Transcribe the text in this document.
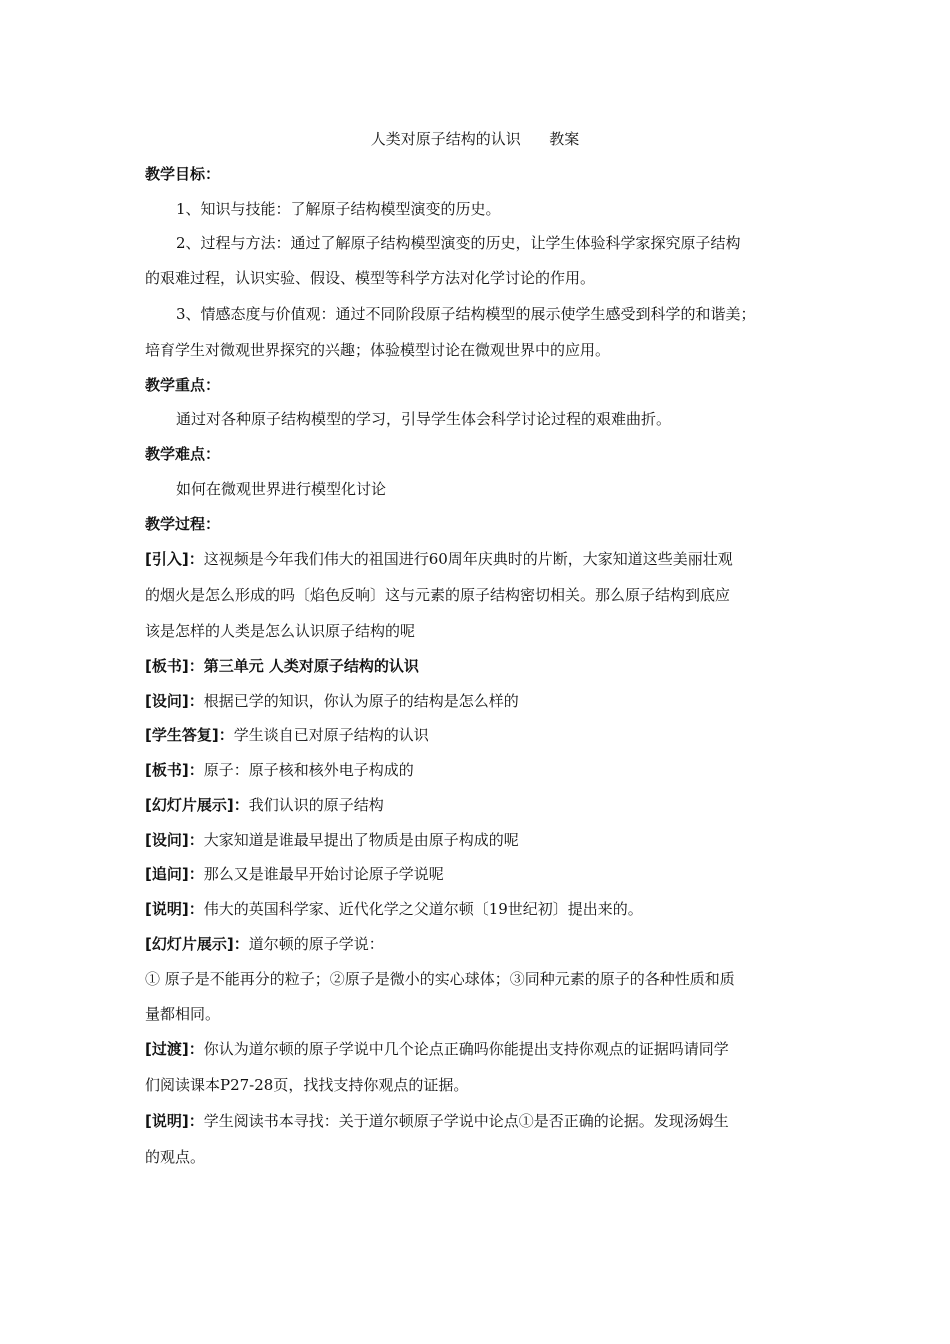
人类对原子结构的认识      教案
教学目标：
1、知识与技能：了解原子结构模型演变的历史。
2、过程与方法：通过了解原子结构模型演变的历史，让学生体验科学家探究原子结构
的艰难过程，认识实验、假设、模型等科学方法对化学讨论的作用。
3、情感态度与价值观：通过不同阶段原子结构模型的展示使学生感受到科学的和谐美；
培育学生对微观世界探究的兴趣；体验模型讨论在微观世界中的应用。
教学重点：
通过对各种原子结构模型的学习，引导学生体会科学讨论过程的艰难曲折。
教学难点：
如何在微观世界进行模型化讨论
教学过程：
[引入]：这视频是今年我们伟大的祖国进行60周年庆典时的片断，大家知道这些美丽壮观
的烟火是怎么形成的吗〔焰色反响〕这与元素的原子结构密切相关。那么原子结构到底应
该是怎样的人类是怎么认识原子结构的呢
[板书]：第三单元 人类对原子结构的认识
[设问]：根据已学的知识，你认为原子的结构是怎么样的
[学生答复]：学生谈自已对原子结构的认识
[板书]：原子：原子核和核外电子构成的
[幻灯片展示]：我们认识的原子结构
[设问]：大家知道是谁最早提出了物质是由原子构成的呢
[追问]：那么又是谁最早开始讨论原子学说呢
[说明]：伟大的英国科学家、近代化学之父道尔顿〔19世纪初〕提出来的。
[幻灯片展示]：道尔顿的原子学说：
① 原子是不能再分的粒子；②原子是微小的实心球体；③同种元素的原子的各种性质和质
量都相同。
[过渡]：你认为道尔顿的原子学说中几个论点正确吗你能提出支持你观点的证据吗请同学
们阅读课本P27-28页，找找支持你观点的证据。
[说明]：学生阅读书本寻找：关于道尔顿原子学说中论点①是否正确的论据。发现汤姆生
的观点。
